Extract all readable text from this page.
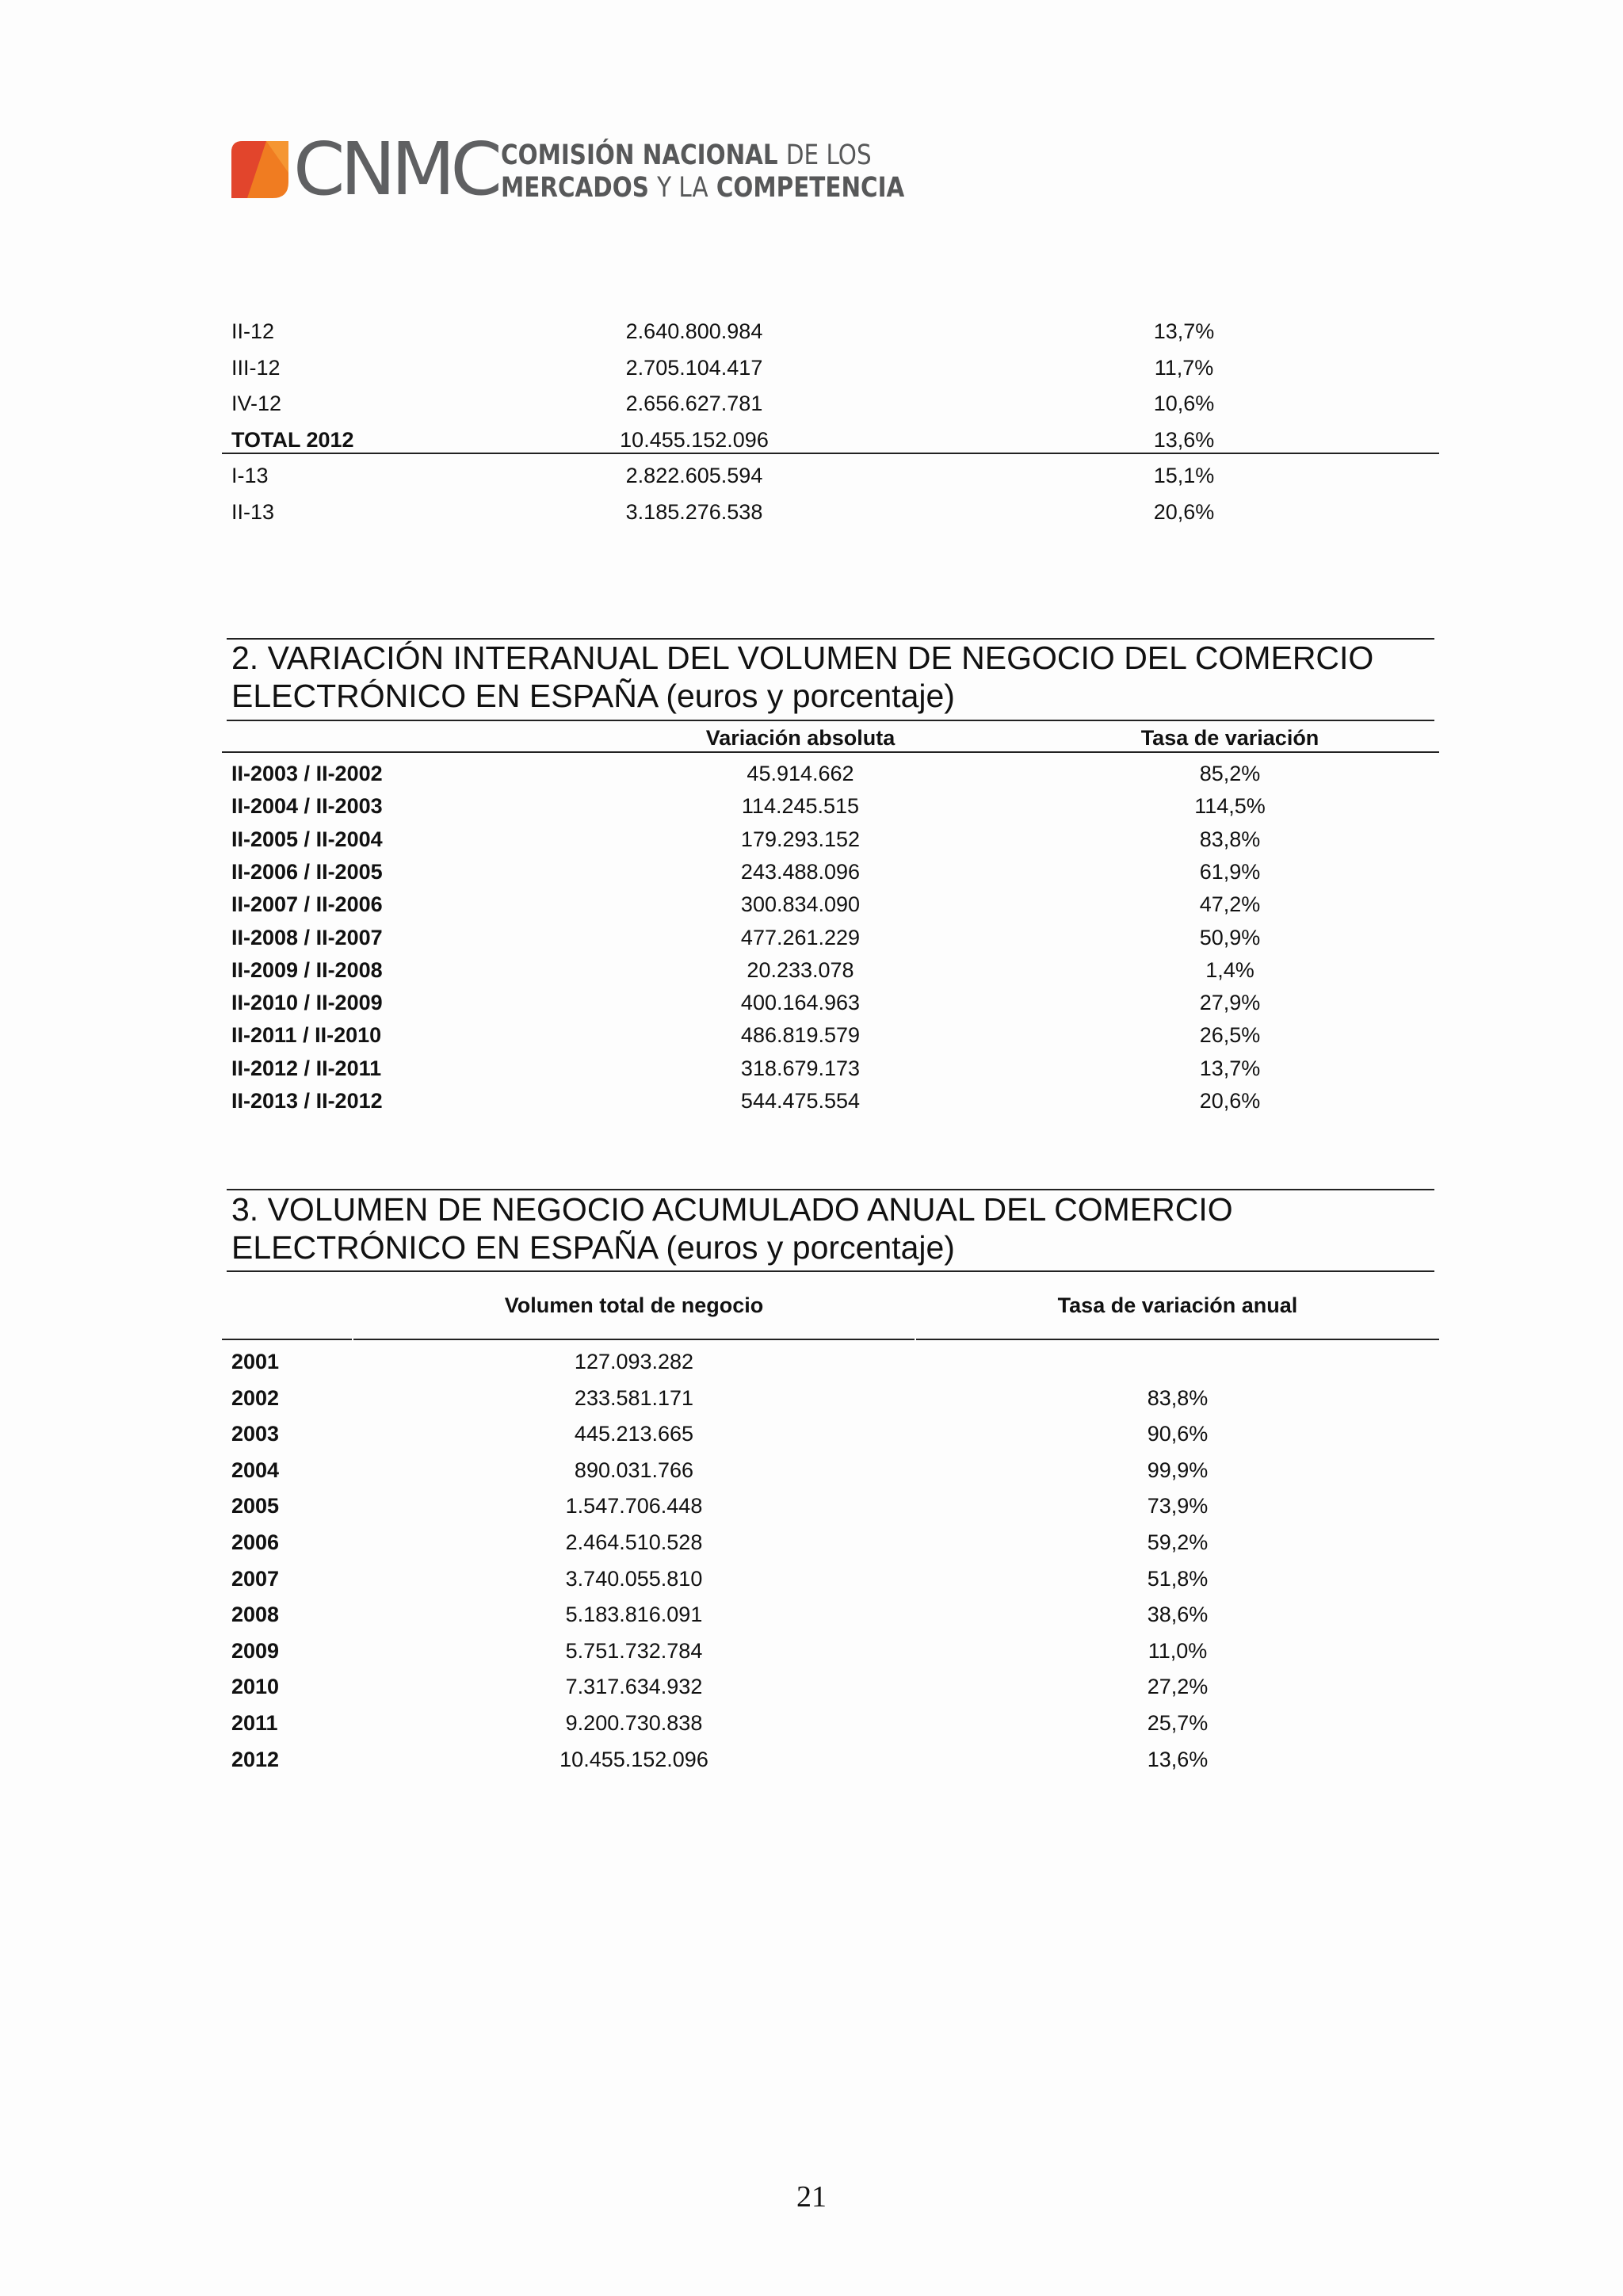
CNMC COMISIÓN NACIONAL DE LOS
MERCADOS Y LA COMPETENCIA
II-12	2.640.800.984	13,7%
III-12	2.705.104.417	11,7%
IV-12	2.656.627.781	10,6%
TOTAL 2012	10.455.152.096	13,6%
I-13	2.822.605.594	15,1%
II-13	3.185.276.538	20,6%
2. VARIACIÓN INTERANUAL DEL VOLUMEN DE NEGOCIO DEL COMERCIO ELECTRÓNICO EN ESPAÑA (euros y porcentaje)
Variación absoluta	Tasa de variación
II-2003 / II-2002	45.914.662	85,2%
II-2004 / II-2003	114.245.515	114,5%
II-2005 / II-2004	179.293.152	83,8%
II-2006 / II-2005	243.488.096	61,9%
II-2007 / II-2006	300.834.090	47,2%
II-2008 / II-2007	477.261.229	50,9%
II-2009 / II-2008	20.233.078	1,4%
II-2010 / II-2009	400.164.963	27,9%
II-2011 / II-2010	486.819.579	26,5%
II-2012 / II-2011	318.679.173	13,7%
II-2013 / II-2012	544.475.554	20,6%
3. VOLUMEN DE NEGOCIO ACUMULADO ANUAL DEL COMERCIO ELECTRÓNICO EN ESPAÑA (euros y porcentaje)
Volumen total de negocio	Tasa de variación anual
2001	127.093.282
2002	233.581.171	83,8%
2003	445.213.665	90,6%
2004	890.031.766	99,9%
2005	1.547.706.448	73,9%
2006	2.464.510.528	59,2%
2007	3.740.055.810	51,8%
2008	5.183.816.091	38,6%
2009	5.751.732.784	11,0%
2010	7.317.634.932	27,2%
2011	9.200.730.838	25,7%
2012	10.455.152.096	13,6%
21
